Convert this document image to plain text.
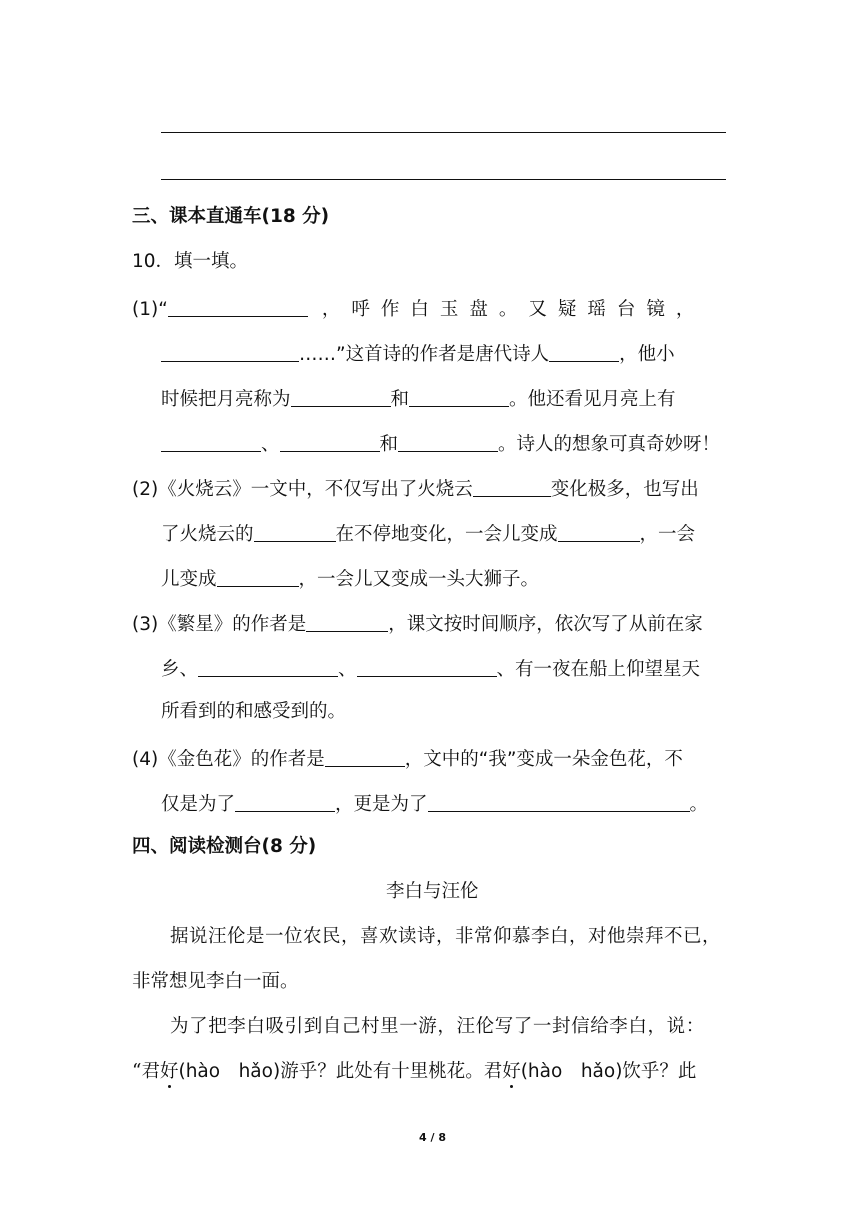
三、课本直通车(18 分)
10．填一填。
(1)“	，呼作白玉盘。又疑瑶台镜，
……”这首诗的作者是唐代诗人	，他小
时候把月亮称为	和	。他还看见月亮上有
、	和	。诗人的想象可真奇妙呀！
(2)《火烧云》一文中，不仅写出了火烧云	变化极多，也写出
了火烧云的	在不停地变化，一会儿变成	，一会
儿变成	，一会儿又变成一头大狮子。
(3)《繁星》的作者是	，课文按时间顺序，依次写了从前在家
乡、	、	、有一夜在船上仰望星天
所看到的和感受到的。
(4)《金色花》的作者是	，文中的“我”变成一朵金色花，不
仅是为了	，更是为了	。
四、阅读检测台(8 分)
李白与汪伦
据说汪伦是一位农民，喜欢读诗，非常仰慕李白，对他崇拜不已，
非常想见李白一面。
为了把李白吸引到自己村里一游，汪伦写了一封信给李白，说：
“君好(hào　hǎo)游乎？此处有十里桃花。君好(hào　hǎo)饮乎？此
4 / 8
